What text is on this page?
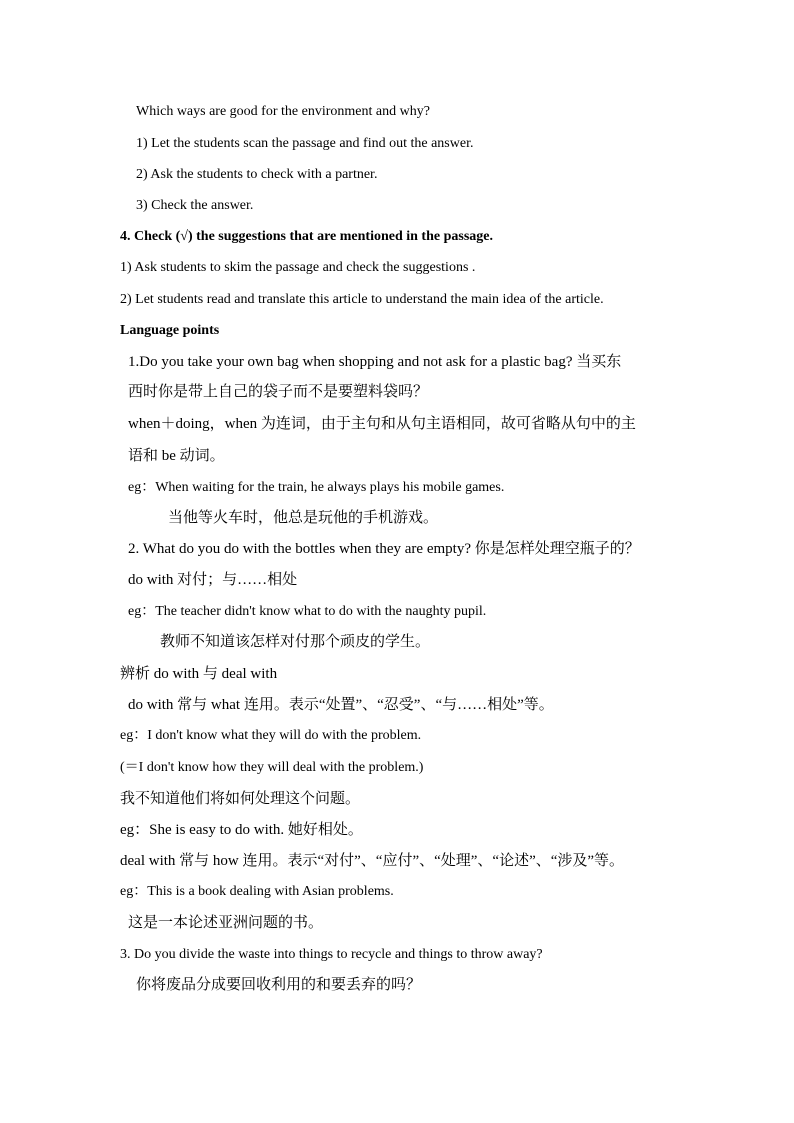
Which ways are good for the environment and why?
1) Let the students scan the passage and find out the answer.
2) Ask the students to check with a partner.
3) Check the answer.
4. Check (√) the suggestions that are mentioned in the passage.
1) Ask students to skim the passage and check the suggestions .
2) Let students read and translate this article to understand the main idea of the article.
Language points
1.Do you take your own bag when shopping and not ask for a plastic bag? 当买东
西时你是带上自己的袋子而不是要塑料袋吗？
when＋doing，when 为连词，由于主句和从句主语相同，故可省略从句中的主
语和 be 动词。
eg：When waiting for the train, he always plays his mobile games.
当他等火车时，他总是玩他的手机游戏。
2. What do you do with the bottles when they are empty? 你是怎样处理空瓶子的？
do with 对付；与……相处
eg：The teacher didn't know what to do with the naughty pupil.
教师不知道该怎样对付那个顽皮的学生。
辨析 do with 与 deal with
do with 常与 what 连用。表示“处置”、“忍受”、“与……相处”等。
eg：I don't know what they will do with the problem.
(＝I don't know how they will deal with the problem.)
我不知道他们将如何处理这个问题。
eg：She is easy to do with. 她好相处。
deal with 常与 how 连用。表示“对付”、“应付”、“处理”、“论述”、“涉及”等。
eg：This is a book dealing with Asian problems.
这是一本论述亚洲问题的书。
3. Do you divide the waste into things to recycle and things to throw away?
你将废品分成要回收利用的和要丢弃的吗？
